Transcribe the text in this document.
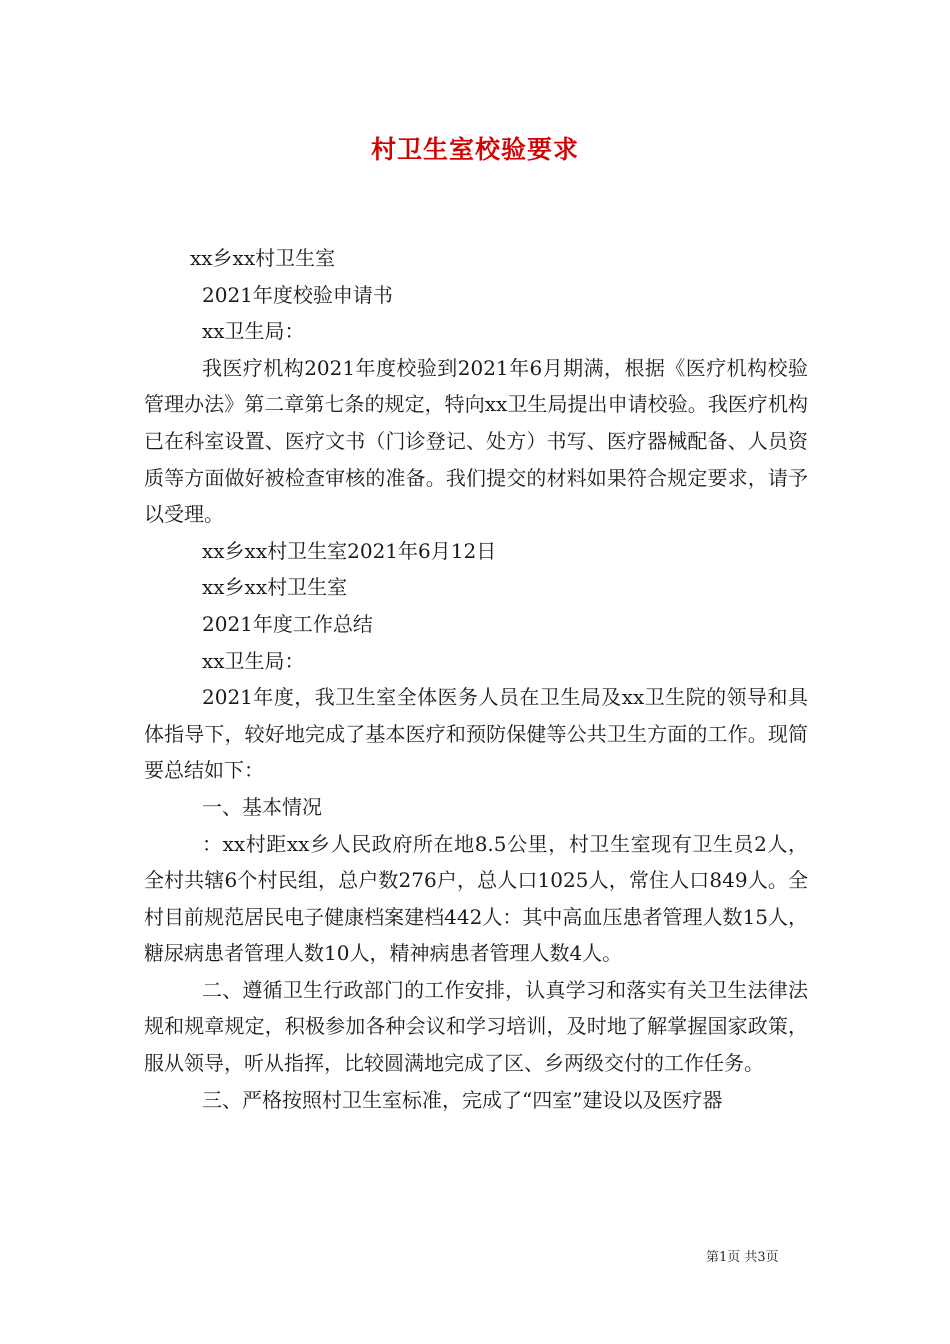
村卫生室校验要求

xx乡xx村卫生室

2021年度校验申请书

xx卫生局：

我医疗机构2021年度校验到2021年6月期满，根据《医疗机构校验管理办法》第二章第七条的规定，特向xx卫生局提出申请校验。我医疗机构已在科室设置、医疗文书（门诊登记、处方）书写、医疗器械配备、人员资质等方面做好被检查审核的准备。我们提交的材料如果符合规定要求，请予以受理。

xx乡xx村卫生室2021年6月12日

xx乡xx村卫生室

2021年度工作总结

xx卫生局：

2021年度，我卫生室全体医务人员在卫生局及xx卫生院的领导和具体指导下，较好地完成了基本医疗和预防保健等公共卫生方面的工作。现简要总结如下：

一、基本情况

：xx村距xx乡人民政府所在地8.5公里，村卫生室现有卫生员2人，全村共辖6个村民组，总户数276户，总人口1025人，常住人口849人。全村目前规范居民电子健康档案建档442人：其中高血压患者管理人数15人，糖尿病患者管理人数10人，精神病患者管理人数4人。

二、遵循卫生行政部门的工作安排，认真学习和落实有关卫生法律法规和规章规定，积极参加各种会议和学习培训，及时地了解掌握国家政策，服从领导，听从指挥，比较圆满地完成了区、乡两级交付的工作任务。

三、严格按照村卫生室标准，完成了“四室”建设以及医疗器

第1页 共3页
